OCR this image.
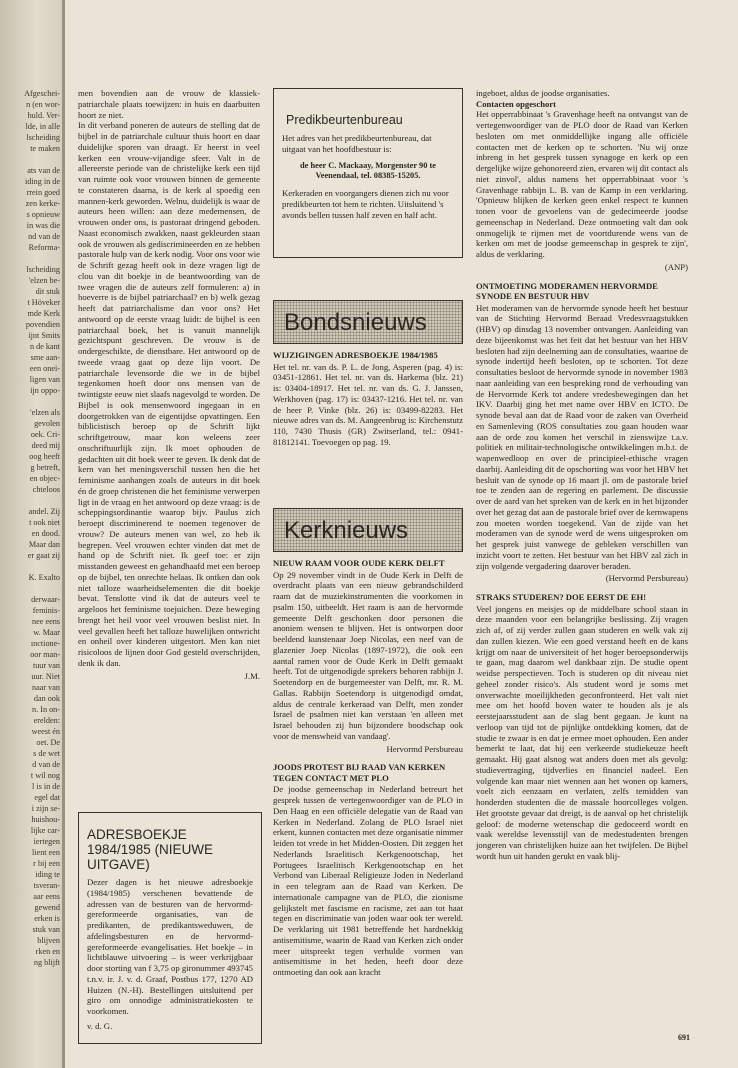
Afgeschei-
n (en wor-
huld. Ver-
lde, in alle
lscheiding
te maken
ats van de
iding in de
rrein goed
zen kerke-
s opnieuw
in was die
nd van de
Reforma-
lscheiding
'elzen be-
dit stuk
t Höveker
mde Kerk
povendien
ijnt Smits
n de kant
sme aan-
een onei-
ligen van
ijn oppo-
'elzen als
gevolen
oek. Cri-
deed mij
oog heeft
g betreft,
en objec-
chteloos
andel. Zij
t ook niet
en dood.
Maar dan
er gaat zij
K. Exalto
derwaar-
feminis-
nee eens
w. Maar
ınctione-
oor man-
tuur van
uur. Niet
naar van
dan ook
n. In on-
erelden:
weest én
oet. De
s de wet
d van de
t wil nog
l is in de
egel dat
i zijn se-
huishou-
lijke car-
iertegen
lient een
r bij een
iding te
tsveran-
aar eens
gewend
erken is
stuk van
blijven
rken en
ng blijft

men bovendien aan de vrouw de klassiek-patriarchale plaats toewijzen: in huis en daarbuiten hoort ze niet.

In dit verband poneren de auteurs de stelling dat de bijbel in de patriarchale cultuur thuis hoort en daar duidelijke sporen van draagt. Er heerst in veel kerken een vrouw-vijandige sfeer. Valt in de allereerste periode van de christelijke kerk een tijd van ruimte ook voor vrouwen binnen de gemeente te constateren daarna, is de kerk al spoedig een mannen-kerk geworden. Welnu, duidelijk is waar de auteurs heen willen: aan deze medemensen, de vrouwen onder ons, is pastoraat dringend geboden. Naast economisch zwakken, naast gekleurden staan ook de vrouwen als gediscrimineerden en ze hebben pastorale hulp van de kerk nodig. Voor ons voor wie de Schrift gezag heeft ook in deze vragen ligt de clou van dit boekje in de beantwoording van de twee vragen die de auteurs zelf formuleren: a) in hoeverre is de bijbel patriarchaal? en b) welk gezag heeft dat patriarchalisme dan voor ons? Het antwoord op de eerste vraag luidt: de bijbel is een patriarchaal boek, het is vanuit mannelijk gezichtspunt geschreven. De vrouw is de ondergeschikte, de dienstbare. Het antwoord op de tweede vraag gaat op deze lijn voort. De patriarchale levensorde die we in de bijbel tegenkomen hoeft door ons mensen van de twintigste eeuw niet slaafs nagevolgd te worden. De Bijbel is ook mensenwoord ingegaan in en doorgetrokken van de eigentijdse opvattingen. Een biblicistisch beroep op de Schrift lijkt schriftgetrouw, maar kon weleens zeer onschriftuurlijk zijn. Ik moet ophouden de gedachten uit dit boek weer te geven. Ik denk dat de kern van het meningsverschil tussen hen die het feminisme aanhangen zoals de auteurs in dit boek én de groep christenen die het feminisme verwerpen ligt in de vraag en het antwoord op deze vraag: is de scheppingsordinantie waarop bijv. Paulus zich beroept discriminerend te noemen tegenover de vrouw? De auteurs menen van wel, zo heb ik begrepen. Veel vrouwen echter vinden dat met de hand op de Schrift niet. Ik geef toe: er zijn misstanden geweest en gehandhaafd met een beroep op de bijbel, ten onrechte helaas. Ik ontken dan ook niet talloze waarheidselementen die dit boekje bevat. Tenslotte vind ik dat de auteurs veel te argeloos het feminisme toejuichen. Deze beweging brengt het heil voor veel vrouwen beslist niet. In veel gevallen heeft het talloze huwelijken ontwricht en onheil over kinderen uitgestort. Men kan niet risicoloos de lijnen door God gesteld overschrijden, denk ik dan.

J.M.

Predikbeurtenbureau

Het adres van het predikbeurtenbureau, dat uitgaat van het hoofdbestuur is:

de heer C. Mackaay, Morgenster 90 te Veenendaal, tel. 08385-15205.

Kerkeraden en voorgangers dienen zich nu voor predikbeurten tot hem te richten. Uitsluitend 's avonds bellen tussen half zeven en half acht.

Bondsnieuws

WIJZIGINGEN ADRESBOEKJE 1984/1985

Het tel. nr. van ds. P. L. de Jong, Asperen (pag. 4) is: 03451-12861. Het tel. nr. van ds. Harkema (blz. 21) is: 03404-18917. Het tel. nr. van ds. G. J. Janssen, Werkhoven (pag. 17) is: 03437-1216. Het tel. nr. van de heer P. Vinke (blz. 26) is: 03499-82283. Het nieuwe adres van ds. M. Aangeenbrug is: Kirchenstutz 110, 7430 Thusis (GR) Zwitserland, tel.: 0941-81812141. Toevoegen op pag. 19.

Kerknieuws

NIEUW RAAM VOOR OUDE KERK DELFT

Op 29 november vindt in de Oude Kerk in Delft de overdracht plaats van een nieuw gebrandschilderd raam dat de muziekinstrumenten die voorkomen in psalm 150, uitbeeldt. Het raam is aan de hervormde gemeente Delft geschonken door personen die anoniem wensen te blijven. Het is ontworpen door beeldend kunstenaar Joep Nicolas, een neef van de glazenier Joep Nicolas (1897-1972), die ook een aantal ramen voor de Oude Kerk in Delft gemaakt heeft. Tot de uitgenodigde sprekers behoren rabbijn J. Soetendorp en de burgemeester van Delft, mr. R. M. Gallas. Rabbijn Soetendorp is uitgenodigd omdat, aldus de centrale kerkeraad van Delft, men zonder Israel de psalmen niet kan verstaan 'en alleen met Israel behouden zij hun bijzondere boodschap ook voor de menswheid van vandaag'.

Hervormd Persbureau

JOODS PROTEST BIJ RAAD VAN KERKEN TEGEN CONTACT MET PLO

De joodse gemeenschap in Nederland betreurt het gesprek tussen de vertegenwoordiger van de PLO in Den Haag en een officiële delegatie van de Raad van Kerken in Nederland. Zolang de PLO Israel niet erkent, kunnen contacten met deze organisatie nimmer leiden tot vrede in het Midden-Oosten. Dit zeggen het Nederlands Israelitisch Kerkgenootschap, het Portugees Israelitisch Kerkgenootschap en het Verbond van Liberaal Religieuze Joden in Nederland in een telegram aan de Raad van Kerken. De internationale campagne van de PLO, die zionisme gelijkstelt met fascisme en racisme, zet aan tot haat tegen en discriminatie van joden waar ook ter wereld. De verklaring uit 1981 betreffende het hardnekkig antisemitisme, waarin de Raad van Kerken zich onder meer uitspreekt tegen verhulde vormen van antisemitisme in het heden, heeft door deze ontmoeting dan ook aan kracht

ADRESBOEKJE 1984/1985 (NIEUWE UITGAVE)

Dezer dagen is het nieuwe adresboekje (1984/1985) verschenen bevattende de adressen van de besturen van de hervormd-gereformeerde organisaties, van de predikanten, de predikantsweduwen, de afdelingsbesturen en de hervormd-gereformeerde evangelisaties. Het boekje – in lichtblauwe uitvoering – is weer verkrijgbaar door storting van f 3,75 op gironummer 493745 t.n.v. ir. J. v. d. Graaf, Postbus 177, 1270 AD Huizen (N.-H). Bestellingen uitsluitend per giro om onnodige administratiekosten te voorkomen.

v. d. G.

ingeboet, aldus de joodse organisaties.

Contacten opgeschort

Het opperrabbinaat 's Gravenhage heeft na ontvangst van de vertegenwoordiger van de PLO door de Raad van Kerken besloten om met onmiddellijke ingang alle officiële contacten met de kerken op te schorten. 'Nu wij onze inbreng in het gesprek tussen synagoge en kerk op een dergelijke wijze gehonoreerd zien, ervaren wij dit contact als niet zinvol', aldus namens het opperrabbinaat voor 's Gravenhage rabbijn L. B. van de Kamp in een verklaring. 'Opnieuw blijken de kerken geen enkel respect te kunnen tonen voor de gevoelens van de gedecimeerde joodse gemeenschap in Nederland. Deze ontmoeting valt dan ook onmogelijk te rijmen met de voortdurende wens van de kerken om met de joodse gemeenschap in gesprek te zijn', aldus de verklaring.

(ANP)

ONTMOETING MODERAMEN HERVORMDE SYNODE EN BESTUUR HBV

Het moderamen van de hervormde synode heeft het bestuur van de Stichting Hervormd Beraad Vredesvraagstukken (HBV) op dinsdag 13 november ontvangen. Aanleiding van deze bijeenkomst was het feit dat het bestuur van het HBV besloten had zijn deelneming aan de consultaties, waartoe de synode indertijd heeft besloten, op te schorten. Tot deze consultaties besloot de hervormde synode in november 1983 naar aanleiding van een bespreking rond de verhouding van de Hervormde Kerk tot andere vredesbewegingen dan het IKV. Daarbij ging het met name over HBV en ICTO. De synode beval aan dat de Raad voor de zaken van Overheid en Samenleving (ROS consultaties zou gaan houden waar aan de orde zou komen het verschil in zienswijze t.a.v. politiek en militair-technologische ontwikkelingen m.b.t. de wapenwedloop en over de principieel-ethische vragen daarbij. Aanleiding dit de opschorting was voor het HBV het besluit van de synode op 16 maart jl. om de pastorale brief toe te zenden aan de regering en parlement. De discussie over de aard van het spreken van de kerk en in het bijzonder over het gezag dat aan de pastorale brief over de kernwapens zou moeten worden toegekend. Van de zijde van het moderamen van de synode werd de wens uitgesproken om het gesprek juist vanwege de gebleken verschillen van inzicht voort te zetten. Het bestuur van het HBV zal zich in zijn volgende vergadering daarover beraden.

(Hervormd Persbureau)

STRAKS STUDEREN? DOE EERST DE EH!

Veel jongens en meisjes op de middelbare school staan in deze maanden voor een belangrijke beslissing. Zij vragen zich af, of zij verder zullen gaan studeren en welk vak zij dan zullen kiezen. Wie een goed verstand heeft en de kans krijgt om naar de universiteit of het hoger beroepsonderwijs te gaan, mag daarom wel dankbaar zijn. De studie opent weidse perspectieven. Toch is studeren op dit niveau niet geheel zonder risico's. Als student word je soms met onverwachte moeilijkheden geconfronteerd. Het valt niet mee om het hoofd boven water te houden als je als eerstejaarsstudent aan de slag bent gegaan. Je kunt na verloop van tijd tot de pijnlijke ontdekking komen, dat de studie te zwaar is en dat je ermee moet ophouden. Een ander bemerkt te laat, dat hij een verkeerde studiekeuze heeft gemaakt. Hij gaat alsnog wat anders doen met als gevolg: studievertraging, tijdverlies en financiel nadeel. Een volgende kan maar niet wennen aan het wonen op kamers, voelt zich eenzaam en verlaten, zelfs temidden van honderden studenten die de massale hoorcolleges volgen. Het grootste gevaar dat dreigt, is de aanval op het christelijk geloof: de moderne wetenschap die gedoceerd wordt en vaak wereldse levensstijl van de medestudenten brengen jongeren van christelijken huize aan het twijfelen. De Bijbel wordt hun uit handen gerukt en vaak blij-

691
